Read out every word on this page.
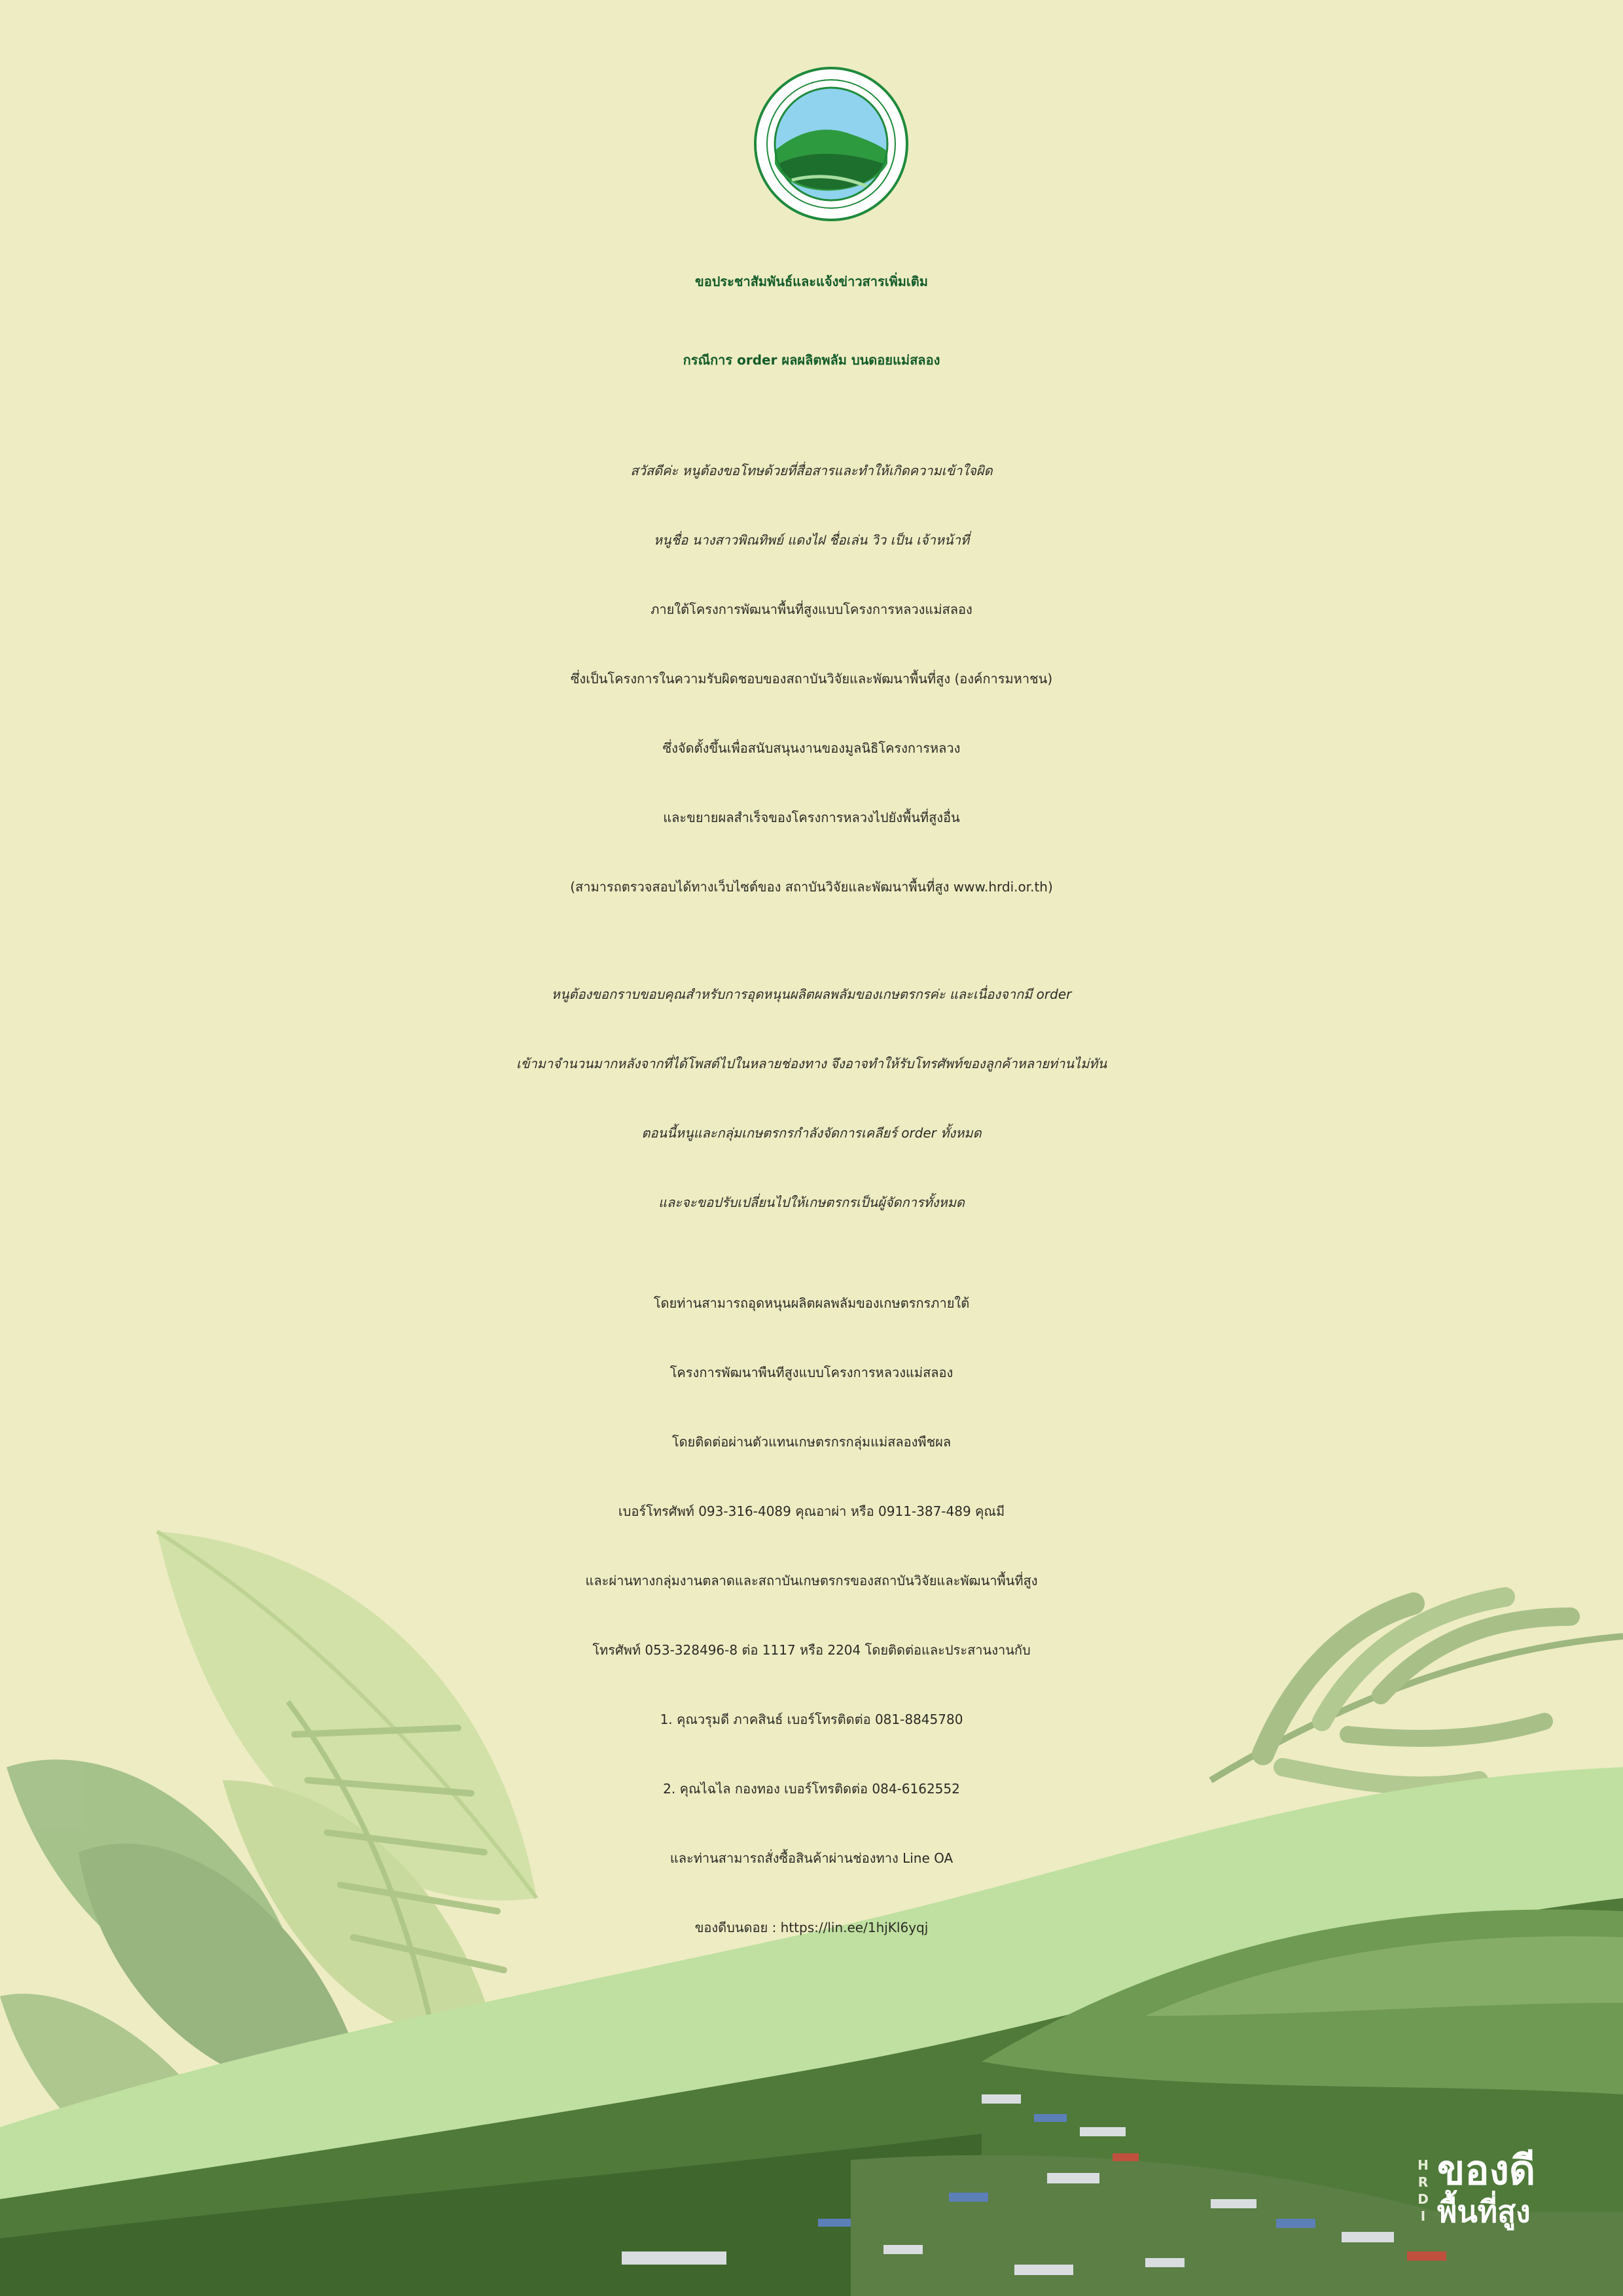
ขอประชาสัมพันธ์และแจ้งข่าวสารเพิ่มเติม
กรณีการ order ผลผลิตพลัม บนดอยแม่สลอง

สวัสดีค่ะ หนูต้องขอโทษด้วยที่สื่อสารและทำให้เกิดความเข้าใจผิด

หนูชื่อ นางสาวพิณทิพย์ แดงไฝ ชื่อเล่น วิว เป็น เจ้าหน้าที่

ภายใต้โครงการพัฒนาพื้นที่สูงแบบโครงการหลวงแม่สลอง

ซึ่งเป็นโครงการในความรับผิดชอบของสถาบันวิจัยและพัฒนาพื้นที่สูง (องค์การมหาชน)

ซึ่งจัดตั้งขึ้นเพื่อสนับสนุนงานของมูลนิธิโครงการหลวง

และขยายผลสำเร็จของโครงการหลวงไปยังพื้นที่สูงอื่น

(สามารถตรวจสอบได้ทางเว็บไซต์ของ สถาบันวิจัยและพัฒนาพื้นที่สูง www.hrdi.or.th)

หนูต้องขอกราบขอบคุณสำหรับการอุดหนุนผลิตผลพลัมของเกษตรกรค่ะ และเนื่องจากมี order

เข้ามาจำนวนมากหลังจากที่ได้โพสต์ไปในหลายช่องทาง จึงอาจทำให้รับโทรศัพท์ของลูกค้าหลายท่านไม่ทัน

ตอนนี้หนูและกลุ่มเกษตรกรกำลังจัดการเคลียร์ order ทั้งหมด

และจะขอปรับเปลี่ยนไปให้เกษตรกรเป็นผู้จัดการทั้งหมด

โดยท่านสามารถอุดหนุนผลิตผลพลัมของเกษตรกรภายใต้

โครงการพัฒนาพืนทีสูงแบบโครงการหลวงแม่สลอง

โดยติดต่อผ่านตัวแทนเกษตรกรกลุ่มแม่สลองพืชผล

เบอร์โทรศัพท์ 093-316-4089 คุณอาผ่า หรือ 0911-387-489 คุณมี

และผ่านทางกลุ่มงานตลาดและสถาบันเกษตรกรของสถาบันวิจัยและพัฒนาพื้นที่สูง

โทรศัพท์ 053-328496-8 ต่อ 1117 หรือ 2204 โดยติดต่อและประสานงานกับ

1. คุณวรุมดี ภาคสินธ์ เบอร์โทรติดต่อ 081-8845780

2. คุณไฉไล กองทอง เบอร์โทรติดต่อ 084-6162552

และท่านสามารถสั่งซื้อสินค้าผ่านช่องทาง Line OA

ของดีบนดอย : https://lin.ee/1hjKl6yqj

H
R
D
I
ของดี
พื้นที่สูง
